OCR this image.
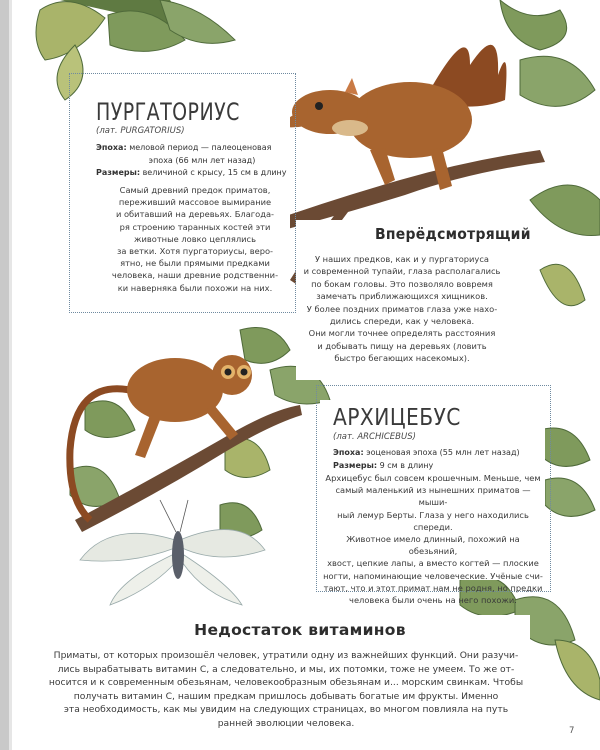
ПУРГАТОРИУС
(лат. PURGATORIUS)
Эпоха: меловой период — палеоценовая
эпоха (66 млн лет назад)
Размеры: величиной с крысу, 15 см в длину
Самый древний предок приматов,
переживший массовое вымирание
и обитавший на деревьях. Благода-
ря строению таранных костей эти
животные ловко цеплялись
за ветки. Хотя пургаториусы, веро-
ятно, не были прямыми предками
человека, наши древние родственни-
ки наверняка были похожи на них.
Вперёдсмотрящий
У наших предков, как и у пургаториуса
и современной тупайи, глаза располагались
по бокам головы. Это позволяло вовремя
замечать приближающихся хищников.
У более поздних приматов глаза уже нахо-
дились спереди, как у человека.
Они могли точнее определять расстояния
и добывать пищу на деревьях (ловить
быстро бегающих насекомых).
АРХИЦЕБУС
(лат. ARCHICEBUS)
Эпоха: эоценовая эпоха (55 млн лет назад)
Размеры: 9 см в длину
Архицебус был совсем крошечным. Меньше, чем
самый маленький из нынешних приматов — мыши-
ный лемур Берты. Глаза у него находились спереди.
Животное имело длинный, похожий на обезьяний,
хвост, цепкие лапы, а вместо когтей — плоские
ногти, напоминающие человеческие. Учёные счи-
тают, что и этот примат нам не родня, но предки
человека были очень на него похожи.
Недостаток витаминов
Приматы, от которых произошёл человек, утратили одну из важнейших функций. Они разучи-
лись вырабатывать витамин С, а следовательно, и мы, их потомки, тоже не умеем. То же от-
носится и к современным обезьянам, человекообразным обезьянам и... морским свинкам. Чтобы
получать витамин С, нашим предкам пришлось добывать богатые им фрукты. Именно
эта необходимость, как мы увидим на следующих страницах, во многом повлияла на путь
ранней эволюции человека.
7
